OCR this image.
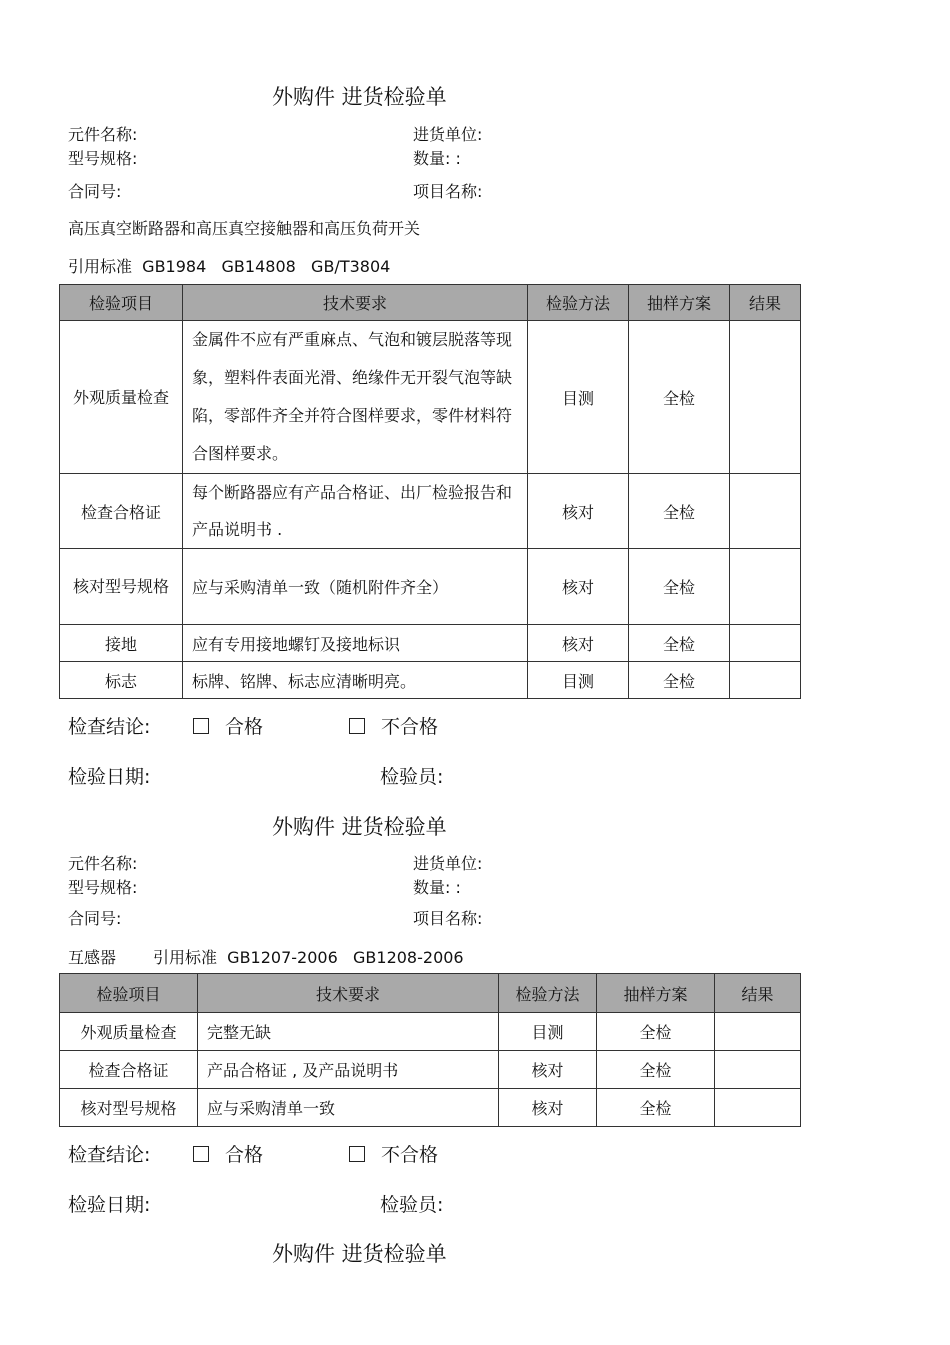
外购件 进货检验单
元件名称:	进货单位:
型号规格:	数量: :
合同号:	项目名称:
高压真空断路器和高压真空接触器和高压负荷开关
引用标准  GB1984   GB14808   GB/T3804
检验项目	技术要求	检验方法	抽样方案	结果
外观质量检查	金属件不应有严重麻点、气泡和镀层脱落等现象，塑料件表面光滑、绝缘件无开裂气泡等缺陷，零部件齐全并符合图样要求，零件材料符合图样要求。	目测	全检	
检查合格证	每个断路器应有产品合格证、出厂检验报告和产品说明书 .	核对	全检	
核对型号规格	应与采购清单一致（随机附件齐全）	核对	全检	
接地	应有专用接地螺钉及接地标识	核对	全检	
标志	标牌、铭牌、标志应清晰明亮。	目测	全检	
检查结论:	合格	不合格
检验日期:	检验员:
外购件 进货检验单
元件名称:	进货单位:
型号规格:	数量: :
合同号:	项目名称:
互感器 引用标准  GB1207-2006   GB1208-2006
检验项目	技术要求	检验方法	抽样方案	结果
外观质量检查	完整无缺	目测	全检	
检查合格证	产品合格证 , 及产品说明书	核对	全检	
核对型号规格	应与采购清单一致	核对	全检	
检查结论:	合格	不合格
检验日期:	检验员:
外购件 进货检验单
